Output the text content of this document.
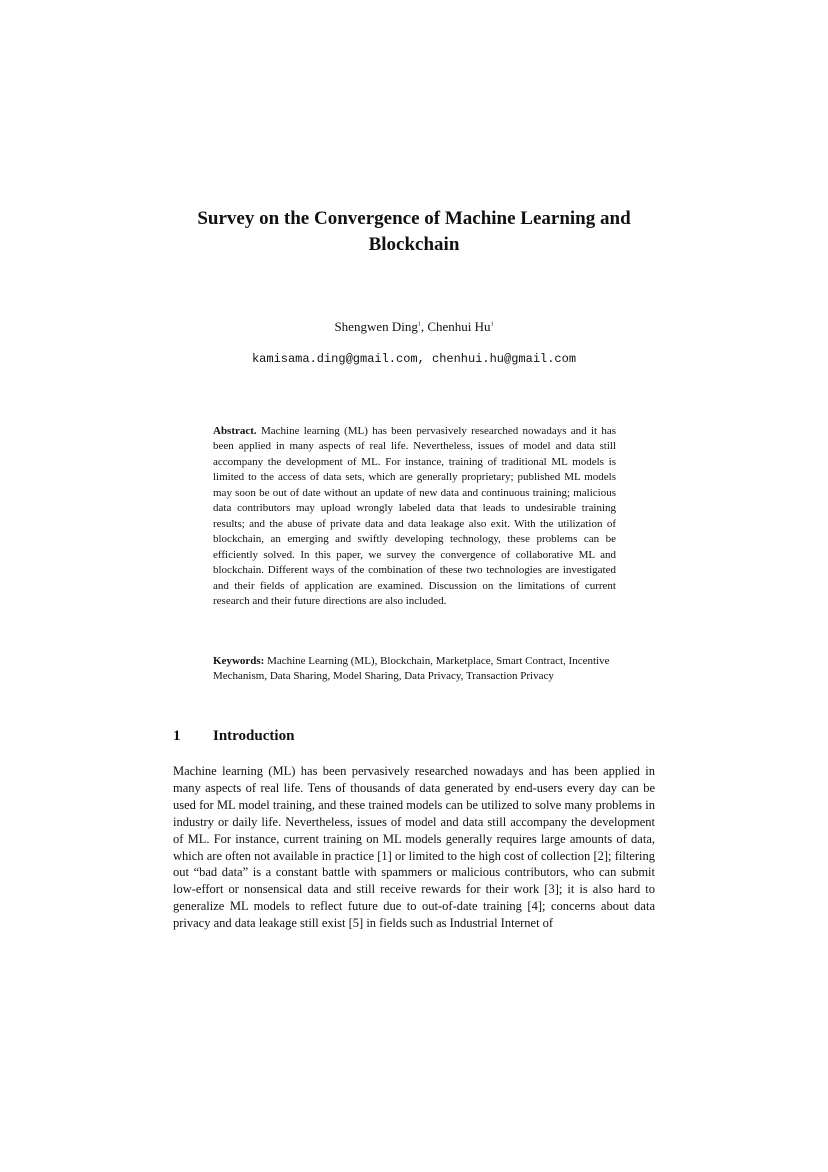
Survey on the Convergence of Machine Learning and Blockchain
Shengwen Ding$^1$, Chenhui Hu$^1$
kamisama.ding@gmail.com, chenhui.hu@gmail.com

Abstract. Machine learning (ML) has been pervasively researched nowadays and it has been applied in many aspects of real life. Nevertheless, issues of model and data still accompany the development of ML. For instance, training of traditional ML models is limited to the access of data sets, which are generally proprietary; published ML models may soon be out of date without an update of new data and continuous training; malicious data contributors may upload wrongly labeled data that leads to undesirable training results; and the abuse of private data and data leakage also exit. With the utilization of blockchain, an emerging and swiftly developing technology, these problems can be efficiently solved. In this paper, we survey the convergence of collaborative ML and blockchain. Different ways of the combination of these two technologies are investigated and their fields of application are examined. Discussion on the limitations of current research and their future directions are also included.

Keywords: Machine Learning (ML), Blockchain, Marketplace, Smart Contract, Incentive Mechanism, Data Sharing, Model Sharing, Data Privacy, Transaction Privacy

1 Introduction

Machine learning (ML) has been pervasively researched nowadays and has been applied in many aspects of real life. Tens of thousands of data generated by end-users every day can be used for ML model training, and these trained models can be utilized to solve many problems in industry or daily life. Nevertheless, issues of model and data still accompany the development of ML. For instance, current training on ML models generally requires large amounts of data, which are often not available in practice [1] or limited to the high cost of collection [2]; filtering out “bad data” is a constant battle with spammers or malicious contributors, who can submit low-effort or nonsensical data and still receive rewards for their work [3]; it is also hard to generalize ML models to reflect future due to out-of-date training [4]; concerns about data privacy and data leakage still exist [5] in fields such as Industrial Internet of
